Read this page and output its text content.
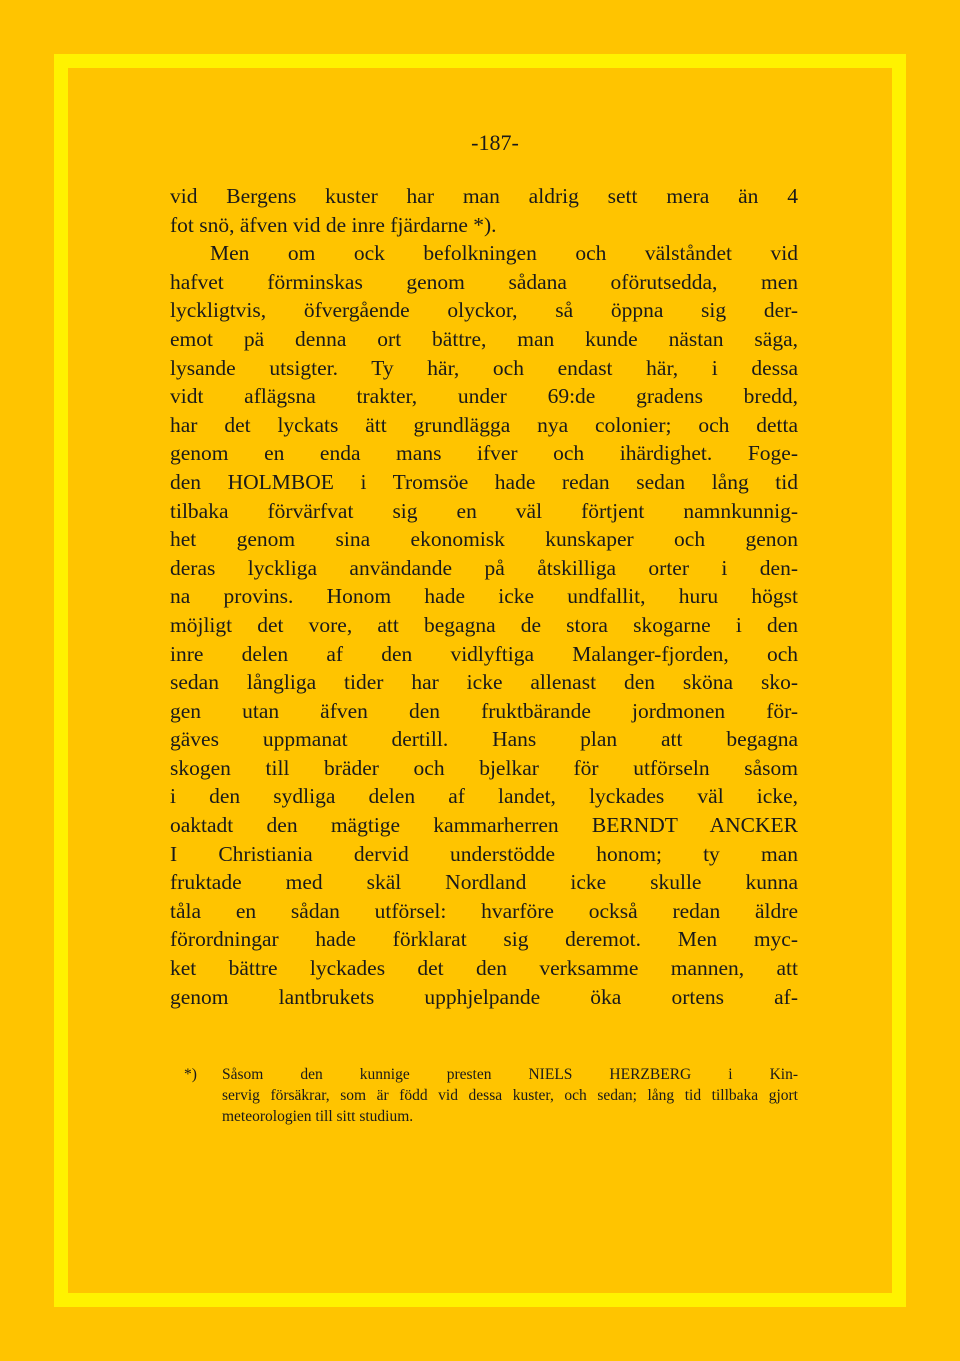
-187-
vid Bergens kuster har man aldrig sett mera än 4
fot snö, äfven vid de inre fjärdarne *).
Men om ock befolkningen och välståndet vid
hafvet förminskas genom sådana oförutsedda, men
lyckligtvis, öfvergående olyckor, så öppna sig der-
emot pä denna ort bättre, man kunde nästan säga,
lysande utsigter. Ty här, och endast här, i dessa
vidt aflägsna trakter, under 69:de gradens bredd,
har det lyckats ätt grundlägga nya colonier; och detta
genom en enda mans ifver och ihärdighet. Foge-
den HOLMBOE i Tromsöe hade redan sedan lång tid
tilbaka förvärfvat sig en väl förtjent namnkunnig-
het genom sina ekonomisk kunskaper och genon
deras lyckliga användande på åtskilliga orter i den-
na provins. Honom hade icke undfallit, huru högst
möjligt det vore, att begagna de stora skogarne i den
inre delen af den vidlyftiga Malanger-fjorden, och
sedan långliga tider har icke allenast den sköna sko-
gen utan äfven den fruktbärande jordmonen för-
gäves uppmanat dertill. Hans plan att begagna
skogen till bräder och bjelkar för utförseln såsom
i den sydliga delen af landet, lyckades väl icke,
oaktadt den mägtige kammarherren BERNDT ANCKER
I Christiania dervid understödde honom; ty man
fruktade med skäl Nordland icke skulle kunna
tåla en sådan utförsel: hvarföre också redan äldre
förordningar hade förklarat sig deremot. Men myc-
ket bättre lyckades det den verksamme mannen, att
genom lantbrukets upphjelpande öka ortens af-
*) Såsom den kunnige presten NIELS HERZBERG i Kin-
servig försäkrar, som är född vid dessa kuster, och sedan; lång tid tillbaka gjort
meteorologien till sitt studium.
